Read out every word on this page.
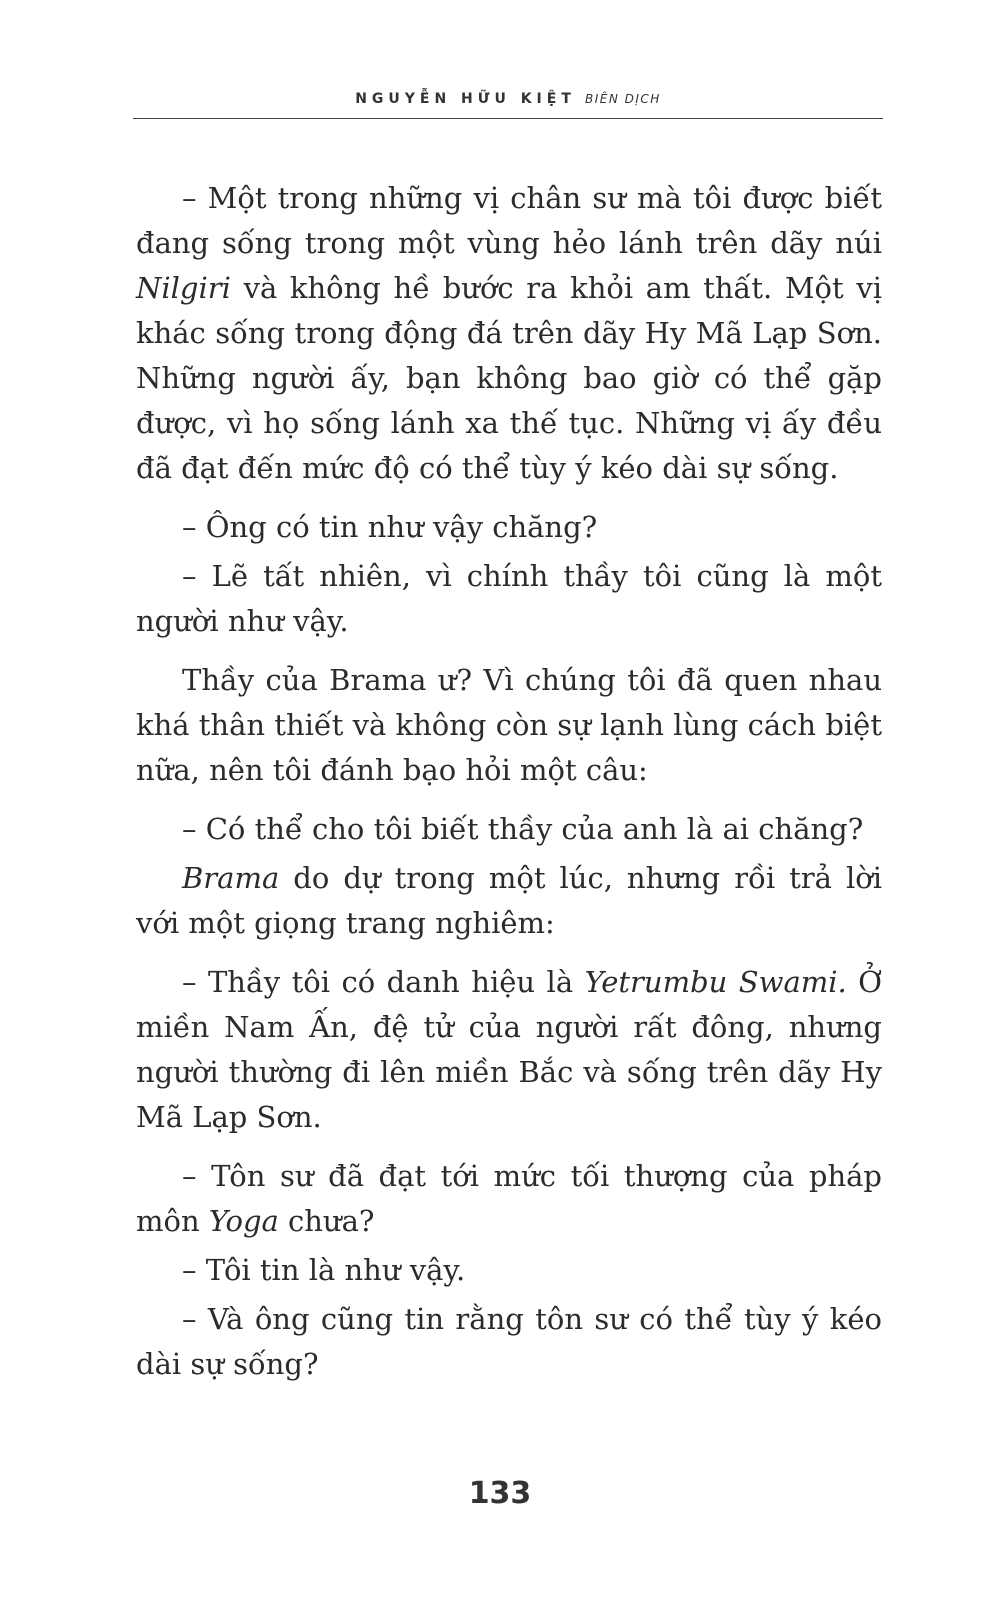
NGUYỄN HỮU KIỆT BIÊN DỊCH

– Một trong những vị chân sư mà tôi được biết đang sống trong một vùng hẻo lánh trên dãy núi Nilgiri và không hề bước ra khỏi am thất. Một vị khác sống trong động đá trên dãy Hy Mã Lạp Sơn. Những người ấy, bạn không bao giờ có thể gặp được, vì họ sống lánh xa thế tục. Những vị ấy đều đã đạt đến mức độ có thể tùy ý kéo dài sự sống.

– Ông có tin như vậy chăng?

– Lẽ tất nhiên, vì chính thầy tôi cũng là một người như vậy.

Thầy của Brama ư? Vì chúng tôi đã quen nhau khá thân thiết và không còn sự lạnh lùng cách biệt nữa, nên tôi đánh bạo hỏi một câu:

– Có thể cho tôi biết thầy của anh là ai chăng?

Brama do dự trong một lúc, nhưng rồi trả lời với một giọng trang nghiêm:

– Thầy tôi có danh hiệu là Yetrumbu Swami. Ở miền Nam Ấn, đệ tử của người rất đông, nhưng người thường đi lên miền Bắc và sống trên dãy Hy Mã Lạp Sơn.

– Tôn sư đã đạt tới mức tối thượng của pháp môn Yoga chưa?

– Tôi tin là như vậy.

– Và ông cũng tin rằng tôn sư có thể tùy ý kéo dài sự sống?

133
